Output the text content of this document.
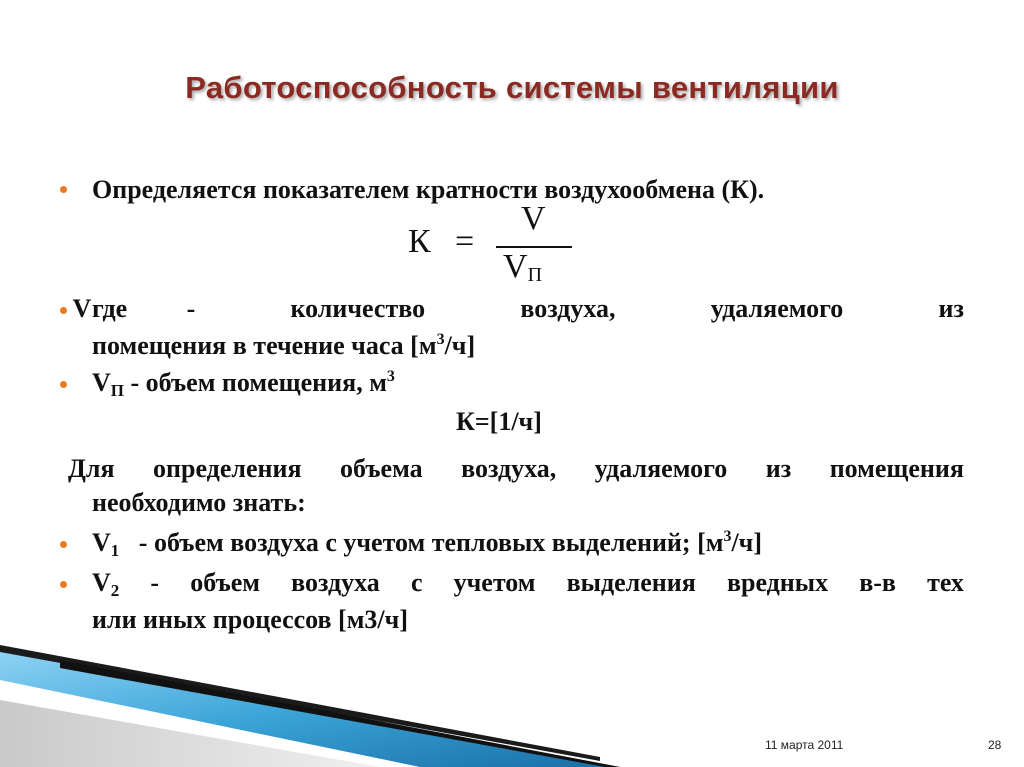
Работоспособность системы вентиляции
Определяется показателем кратности воздухообмена (К).
К =
V
VП
где
V	-	количество	воздуха,	удаляемого	из
помещения в течение часа $[м^3/ч]$
$V_П$ - объем помещения, $м^3$
К=[1/ч]
Для определения объема воздуха, удаляемого из помещения
необходимо знать:
$V_1$   - объем воздуха с учетом тепловых выделений; $[м^3/ч]$
$V_2$ - объем воздуха с учетом выделения вредных в-в тех
или иных процессов [м3/ч]
11 марта 2011	28
